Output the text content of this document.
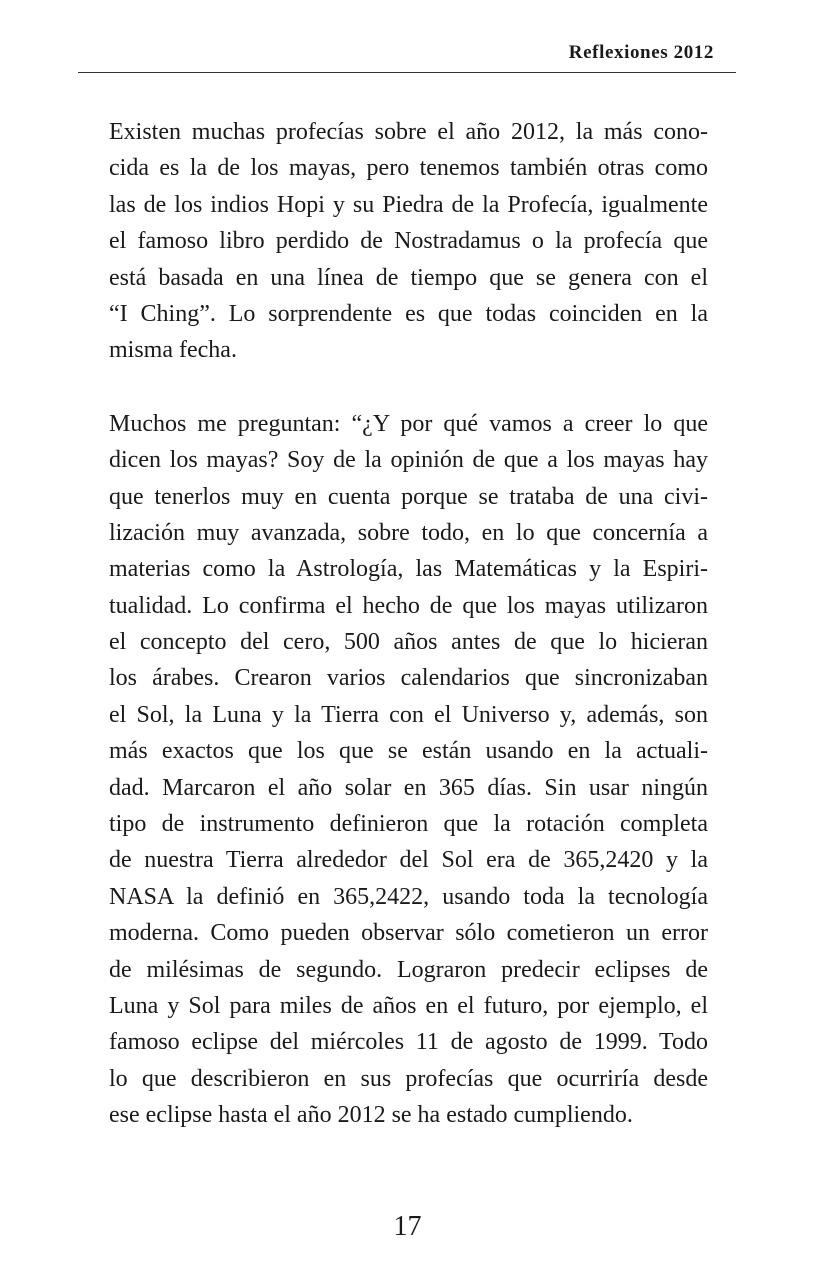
Reflexiones 2012
Existen muchas profecías sobre el año 2012, la más cono-
cida es la de los mayas, pero tenemos también otras como
las de los indios Hopi y su Piedra de la Profecía, igualmente
el famoso libro perdido de Nostradamus o la profecía que
está basada en una línea de tiempo que se genera con el
“I Ching”. Lo sorprendente es que todas coinciden en la
misma fecha.
Muchos me preguntan: “¿Y por qué vamos a creer lo que
dicen los mayas? Soy de la opinión de que a los mayas hay
que tenerlos muy en cuenta porque se trataba de una civi-
lización muy avanzada, sobre todo, en lo que concernía a
materias como la Astrología, las Matemáticas y la Espiri-
tualidad. Lo confirma el hecho de que los mayas utilizaron
el concepto del cero, 500 años antes de que lo hicieran
los árabes. Crearon varios calendarios que sincronizaban
el Sol, la Luna y la Tierra con el Universo y, además, son
más exactos que los que se están usando en la actuali-
dad. Marcaron el año solar en 365 días. Sin usar ningún
tipo de instrumento definieron que la rotación completa
de nuestra Tierra alrededor del Sol era de 365,2420 y la
NASA la definió en 365,2422, usando toda la tecnología
moderna. Como pueden observar sólo cometieron un error
de milésimas de segundo. Lograron predecir eclipses de
Luna y Sol para miles de años en el futuro, por ejemplo, el
famoso eclipse del miércoles 11 de agosto de 1999. Todo
lo que describieron en sus profecías que ocurriría desde
ese eclipse hasta el año 2012 se ha estado cumpliendo.
17
